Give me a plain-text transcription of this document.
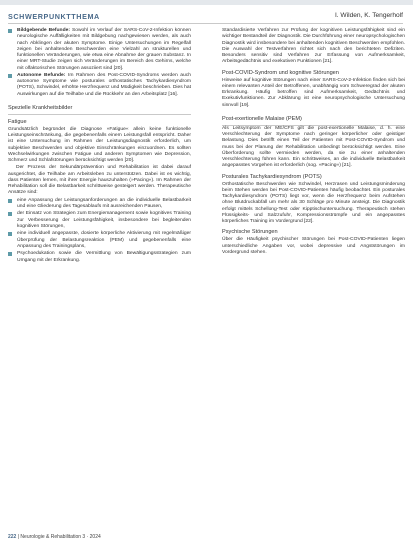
SCHWERPUNKTTHEMA	I. Wilden, K. Tengerholf
Bildgebende Befunde: Sowohl im Verlauf der SARS-CoV-2-Infektion können neurologische Auffälligkeiten mit Bildgebung nachgewiesen werden, als auch nach Abklingen der akuten Symptome. Einige Untersuchungen im Regelfall zeigen bei anhaltenden Beschwerden eine Vielzahl an strukturellen und funktionellen Veränderungen, wie etwa eine Abnahme der grauen Substanz. In einer MRT-Studie zeigen sich Veränderungen im Bereich des Gehirns, welche mit olfaktorischen Störungen assoziiert sind [20].
Autonome Befunde: Im Rahmen des Post-COVID-Syndroms werden auch autonome Symptome wie posturales orthostatisches Tachykardiesyndrom (POTS), Schwindel, erhöhte Herzfrequenz und Müdigkeit beschrieben. Dies hat Auswirkungen auf die Teilhabe und die Rückkehr an den Arbeitsplatz [16].
Spezielle Krankheitsbilder
Fatigue

Grundsätzlich begründet die Diagnose »Fatigue« allein keine funktionelle Leistungseinschränkung, die gegebenenfalls einem Leistungsfall entspricht. Daher ist eine Untersuchung im Rahmen der Leistungsdiagnostik erforderlich, um subjektive Beschwerden und objektive Einschränkungen einzuordnen. Es sollten Wechselwirkungen zwischen Fatigue und anderen Symptomen wie Depression, Schmerz und Schlafstörungen berücksichtigt werden [20].

Der Prozess der Sekundärprävention und Rehabilitation ist dabei darauf ausgerichtet, die Teilhabe am Arbeitsleben zu unterstützen. Dabei ist es wichtig, dass Patienten lernen, mit ihrer Energie hauszuhalten (»Pacing«). Im Rahmen der Rehabilitation soll die Belastbarkeit schrittweise gesteigert werden. Therapeutische Ansätze sind:

eine Anpassung der Leistungsanforderungen an die individuelle Belastbarkeit und eine Gliederung des Tagesablaufs mit ausreichenden Pausen,
der Einsatz von Strategien zum Energiemanagement sowie kognitives Training zur Verbesserung der Leistungsfähigkeit, insbesondere bei begleitenden kognitiven Störungen,
eine individuell angepasste, dosierte körperliche Aktivierung mit regelmäßiger Überprüfung der Belastungsreaktion (PEM) und gegebenenfalls eine Anpassung des Trainingsplans,
Psychoedukation sowie die Vermittlung von Bewältigungsstrategien zum Umgang mit der Erkrankung.

Standardisierte Verfahren zur Prüfung der kognitiven Leistungsfähigkeit sind ein wichtiger Bestandteil der Diagnostik. Die Durchführung einer neuropsychologischen Diagnostik wird insbesondere bei anhaltenden kognitiven Beschwerden empfohlen. Die Auswahl der Testverfahren richtet sich nach den berichteten Defiziten. Besonders sensitiv sind Verfahren zur Erfassung von Aufmerksamkeit, Arbeitsgedächtnis und exekutiven Funktionen [21].

Post-COVID-Syndrom und kognitive Störungen

Hinweise auf kognitive Störungen nach einer SARS-CoV-2-Infektion finden sich bei einem relevanten Anteil der Betroffenen, unabhängig vom Schweregrad der akuten Erkrankung. Häufig betroffen sind Aufmerksamkeit, Gedächtnis und Exekutivfunktionen. Zur Abklärung ist eine neuropsychologische Untersuchung sinnvoll [19].

Post-exertionelle Malaise (PEM)

Als Leitsymptom der ME/CFS gilt die post-exertionelle Malaise, d. h. eine Verschlechterung der Symptome nach geringer körperlicher oder geistiger Belastung. Dies betrifft einen Teil der Patienten mit Post-COVID-Syndrom und muss bei der Planung der Rehabilitation unbedingt berücksichtigt werden. Eine Überforderung sollte vermieden werden, da sie zu einer anhaltenden Verschlechterung führen kann. Ein schrittweises, an die individuelle Belastbarkeit angepasstes Vorgehen ist erforderlich (sog. »Pacing«) [21].

Posturales Tachykardiesyndrom (POTS)

Orthostatische Beschwerden wie Schwindel, Herzrasen und Leistungsminderung beim Stehen werden bei Post-COVID-Patienten häufig beobachtet. Ein posturales Tachykardiesyndrom (POTS) liegt vor, wenn die Herzfrequenz beim Aufstehen ohne Blutdruckabfall um mehr als 30 Schläge pro Minute ansteigt. Die Diagnostik erfolgt mittels Schellong-Test oder Kipptischuntersuchung. Therapeutisch stehen Flüssigkeits- und Salzzufuhr, Kompressionsstrümpfe und ein angepasstes körperliches Training im Vordergrund [22].

Psychische Störungen

Über die Häufigkeit psychischer Störungen bei Post-COVID-Patienten liegen unterschiedliche Angaben vor, wobei depressive und Angststörungen im Vordergrund stehen.

222 | Neurologie & Rehabilitation 3 · 2024
